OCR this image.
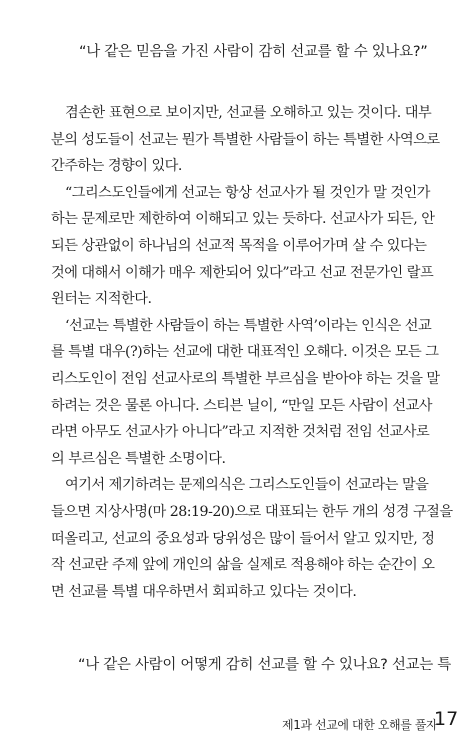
“나 같은 믿음을 가진 사람이 감히 선교를 할 수 있나요?”
겸손한 표현으로 보이지만, 선교를 오해하고 있는 것이다. 대부
분의 성도들이 선교는 뭔가 특별한 사람들이 하는 특별한 사역으로
간주하는 경향이 있다.
“그리스도인들에게 선교는 항상 선교사가 될 것인가 말 것인가
하는 문제로만 제한하여 이해되고 있는 듯하다. 선교사가 되든, 안
되든 상관없이 하나님의 선교적 목적을 이루어가며 살 수 있다는
것에 대해서 이해가 매우 제한되어 있다”라고 선교 전문가인 랄프
윈터는 지적한다.
‘선교는 특별한 사람들이 하는 특별한 사역’이라는 인식은 선교
를 특별 대우(?)하는 선교에 대한 대표적인 오해다. 이것은 모든 그
리스도인이 전임 선교사로의 특별한 부르심을 받아야 하는 것을 말
하려는 것은 물론 아니다. 스티븐 닐이, “만일 모든 사람이 선교사
라면 아무도 선교사가 아니다”라고 지적한 것처럼 전임 선교사로
의 부르심은 특별한 소명이다.
여기서 제기하려는 문제의식은 그리스도인들이 선교라는 말을
들으면 지상사명(마 28:19-20)으로 대표되는 한두 개의 성경 구절을
떠올리고, 선교의 중요성과 당위성은 많이 들어서 알고 있지만, 정
작 선교란 주제 앞에 개인의 삶을 실제로 적용해야 하는 순간이 오
면 선교를 특별 대우하면서 회피하고 있다는 것이다.
“나 같은 사람이 어떻게 감히 선교를 할 수 있나요? 선교는 특
제1과 선교에 대한 오해를 풀자
17
